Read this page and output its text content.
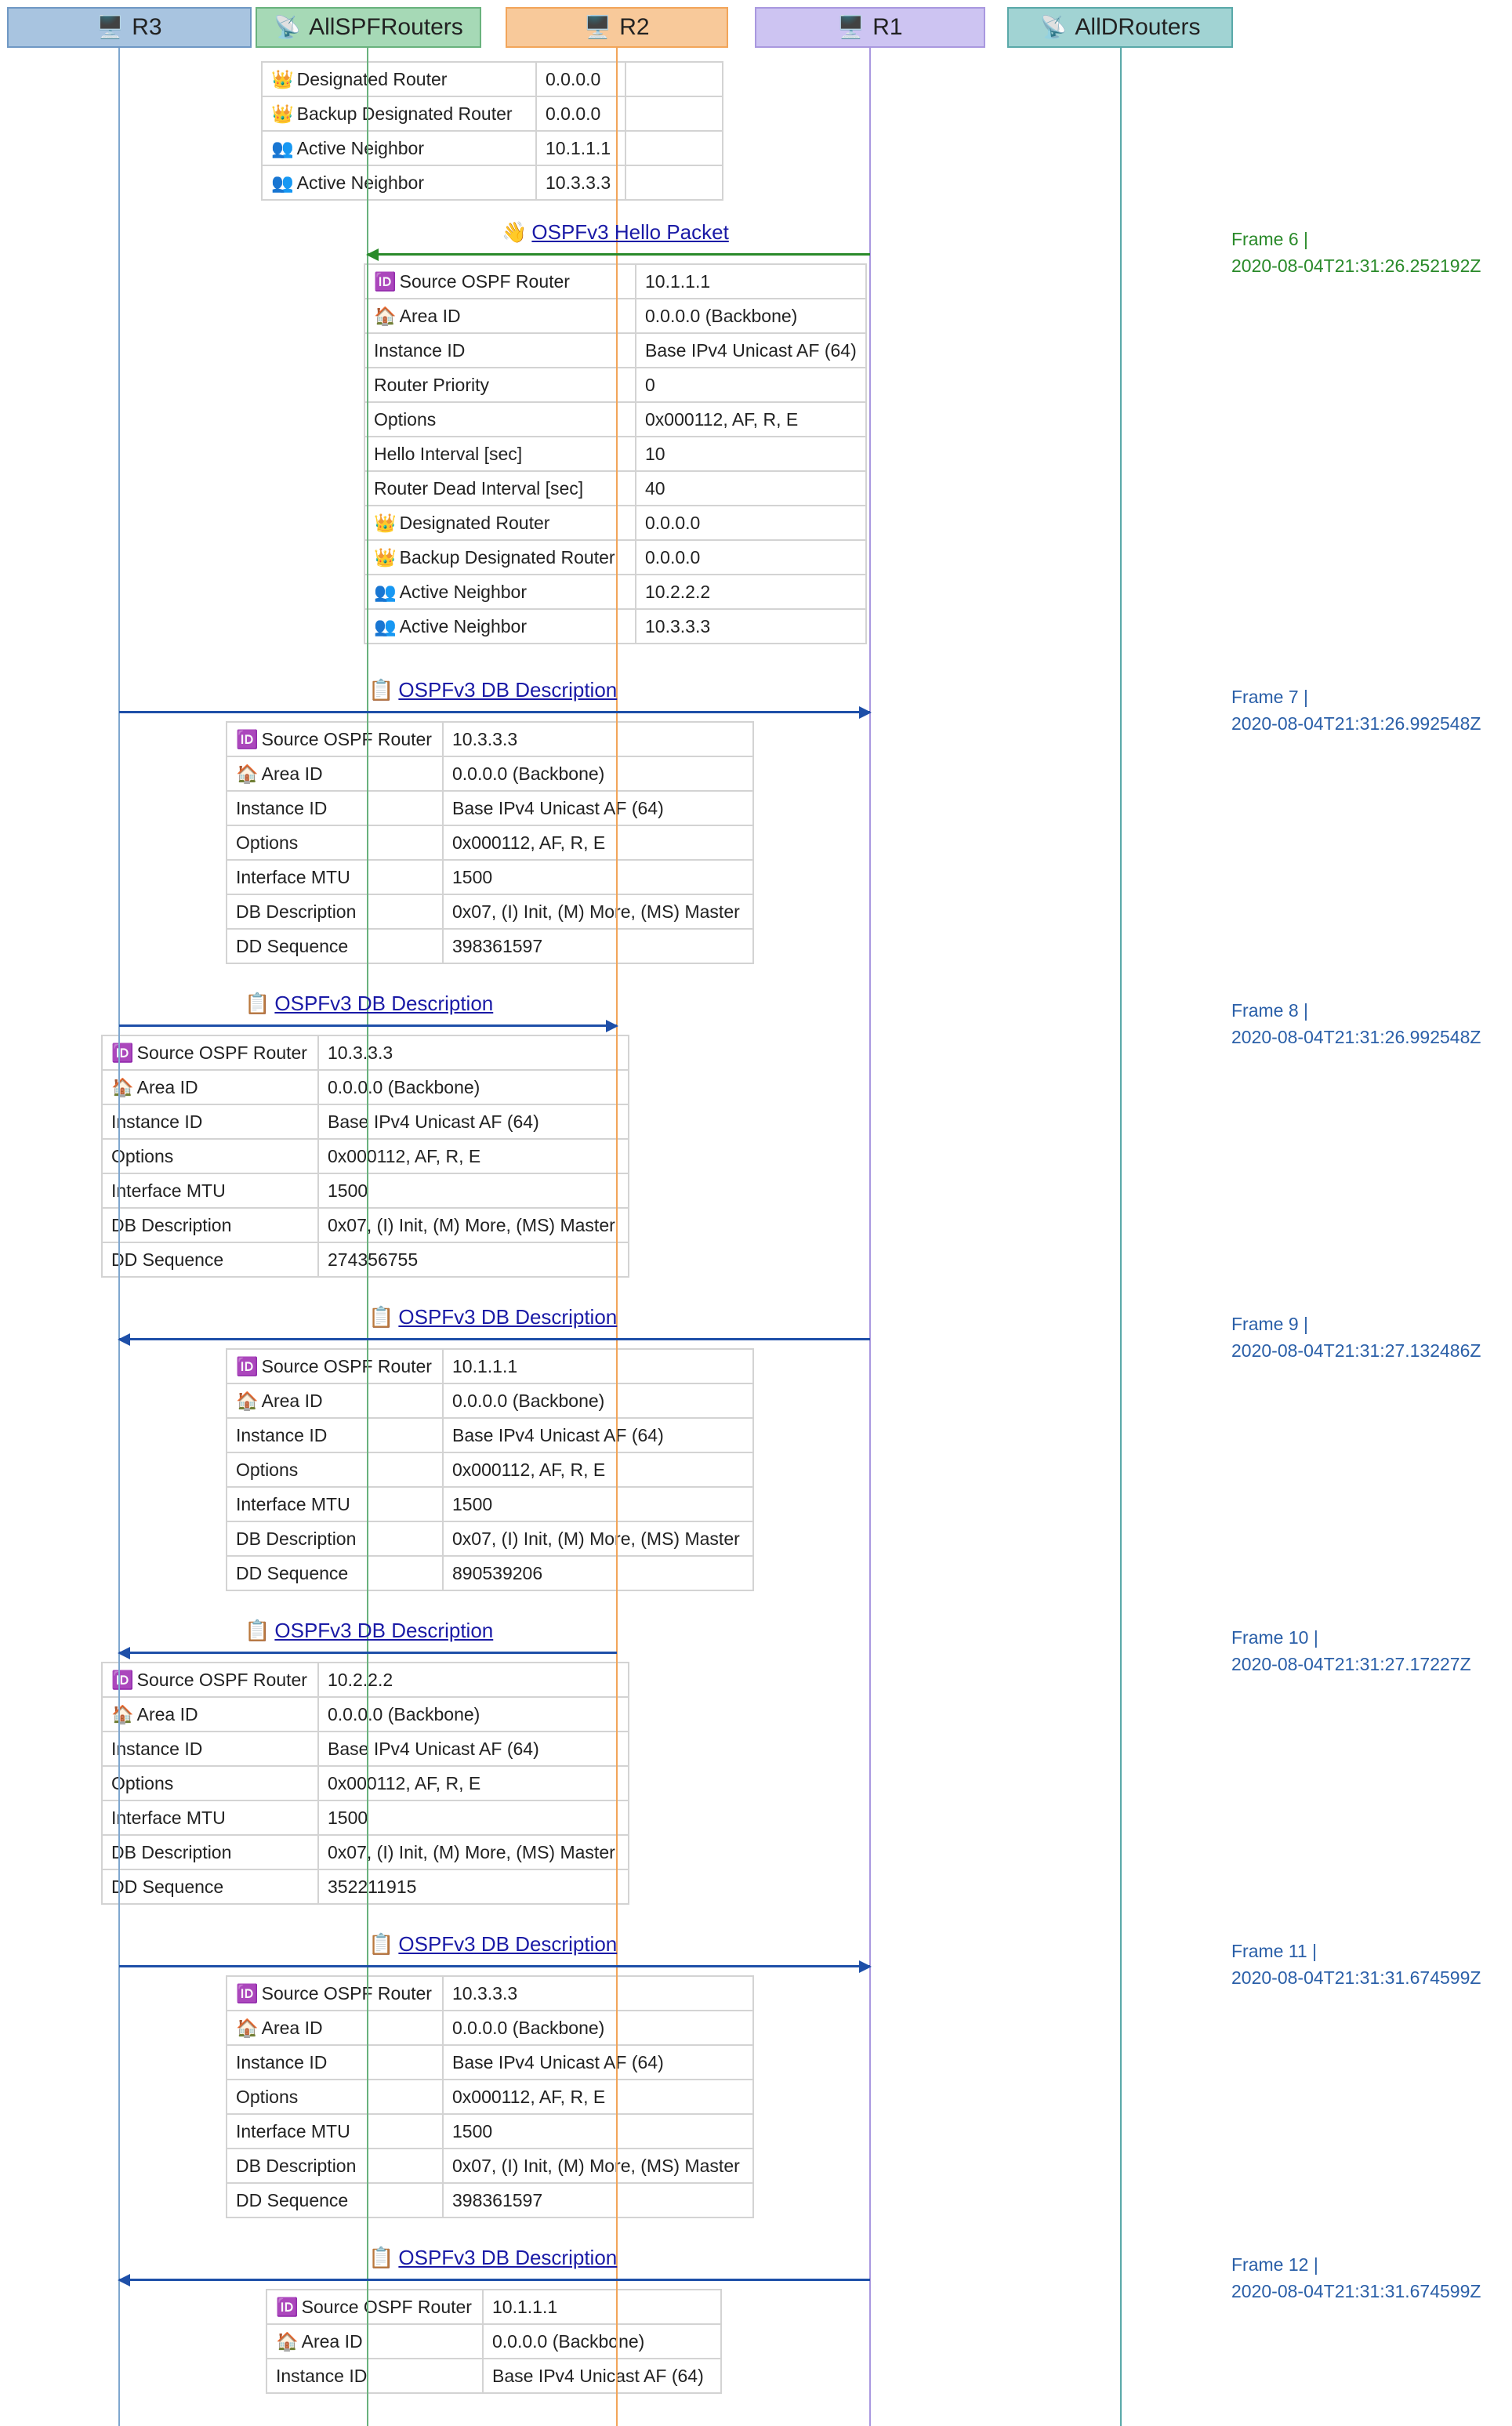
👑 Designated Router	0.0.0.0	
👑 Backup Designated Router	0.0.0.0	
👥 Active Neighbor	10.1.1.1	
👥 Active Neighbor	10.3.3.3	
🆔 Source OSPF Router	10.1.1.1
🏠 Area ID	0.0.0.0 (Backbone)
Instance ID	Base IPv4 Unicast AF (64)
Router Priority	0
Options	0x000112, AF, R, E
Hello Interval [sec]	10
Router Dead Interval [sec]	40
👑 Designated Router	0.0.0.0
👑 Backup Designated Router	0.0.0.0
👥 Active Neighbor	10.2.2.2
👥 Active Neighbor	10.3.3.3
🆔 Source OSPF Router	10.3.3.3
🏠 Area ID	0.0.0.0 (Backbone)
Instance ID	Base IPv4 Unicast AF (64)
Options	0x000112, AF, R, E
Interface MTU	1500
DB Description	0x07, (I) Init, (M) More, (MS) Master
DD Sequence	398361597
🆔 Source OSPF Router	10.3.3.3
🏠 Area ID	0.0.0.0 (Backbone)
Instance ID	Base IPv4 Unicast AF (64)
Options	0x000112, AF, R, E
Interface MTU	1500
DB Description	0x07, (I) Init, (M) More, (MS) Master
DD Sequence	274356755
🆔 Source OSPF Router	10.1.1.1
🏠 Area ID	0.0.0.0 (Backbone)
Instance ID	Base IPv4 Unicast AF (64)
Options	0x000112, AF, R, E
Interface MTU	1500
DB Description	0x07, (I) Init, (M) More, (MS) Master
DD Sequence	890539206
🆔 Source OSPF Router	10.2.2.2
🏠 Area ID	0.0.0.0 (Backbone)
Instance ID	Base IPv4 Unicast AF (64)
Options	0x000112, AF, R, E
Interface MTU	1500
DB Description	0x07, (I) Init, (M) More, (MS) Master
DD Sequence	352211915
🆔 Source OSPF Router	10.3.3.3
🏠 Area ID	0.0.0.0 (Backbone)
Instance ID	Base IPv4 Unicast AF (64)
Options	0x000112, AF, R, E
Interface MTU	1500
DB Description	0x07, (I) Init, (M) More, (MS) Master
DD Sequence	398361597
🆔 Source OSPF Router	10.1.1.1
🏠 Area ID	0.0.0.0 (Backbone)
Instance ID	Base IPv4 Unicast AF (64)
🖥️ R3	📡 AllSPFRouters	🖥️ R2	🖥️ R1	📡 AllDRouters
👋 OSPFv3 Hello Packet	Frame 6 |
2020-08-04T21:31:26.252192Z
📋 OSPFv3 DB Description	Frame 7 |
2020-08-04T21:31:26.992548Z
📋 OSPFv3 DB Description	Frame 8 |
2020-08-04T21:31:26.992548Z
📋 OSPFv3 DB Description	Frame 9 |
2020-08-04T21:31:27.132486Z
📋 OSPFv3 DB Description	Frame 10 |
2020-08-04T21:31:27.17227Z
📋 OSPFv3 DB Description	Frame 11 |
2020-08-04T21:31:31.674599Z
📋 OSPFv3 DB Description	Frame 12 |
2020-08-04T21:31:31.674599Z
